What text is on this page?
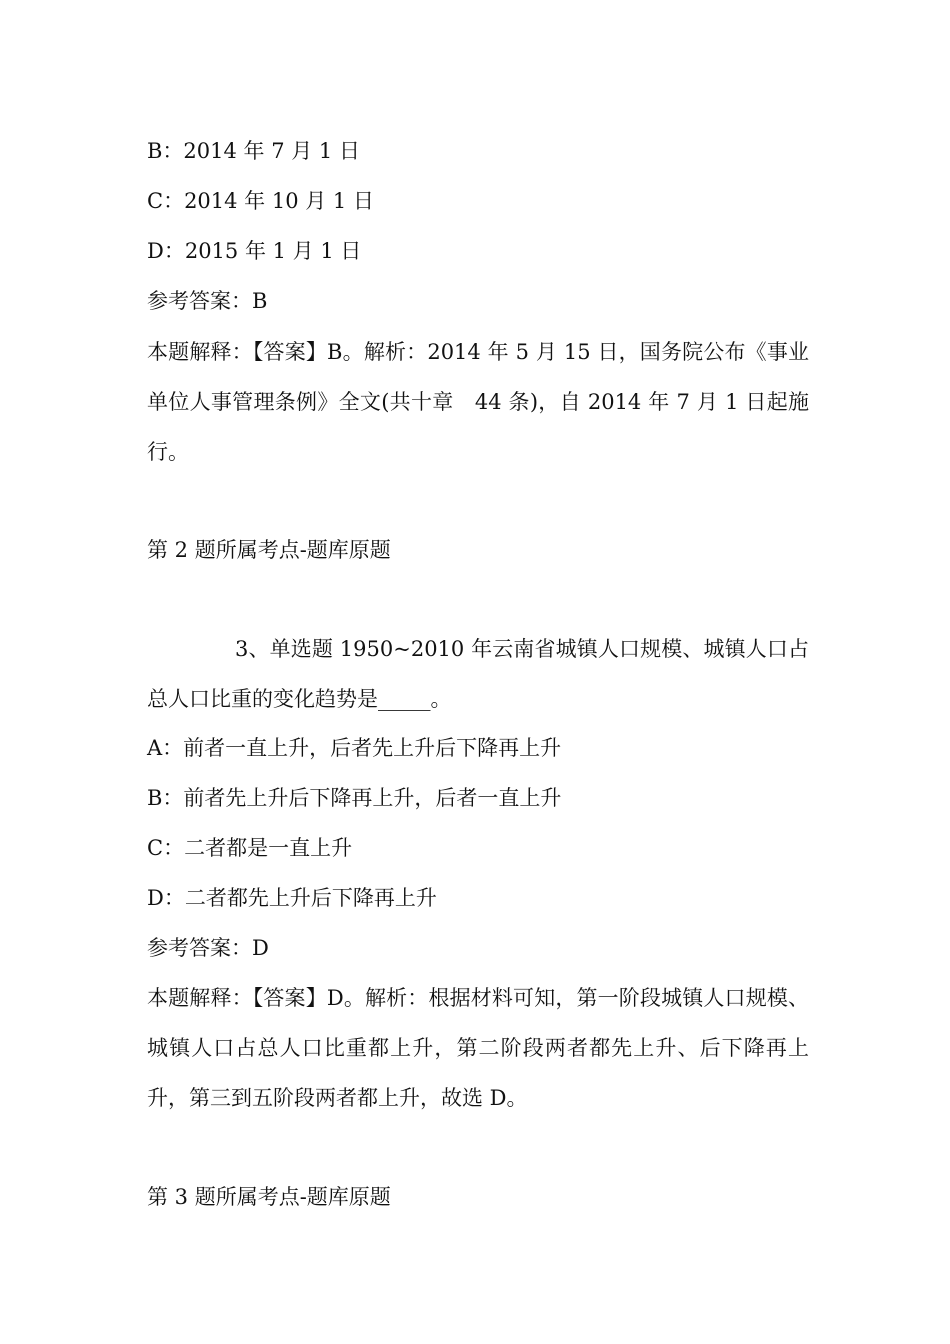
B：2014 年 7 月 1 日
C：2014 年 10 月 1 日
D：2015 年 1 月 1 日
参考答案：B
本题解释：【答案】B。解析：2014 年 5 月 15 日，国务院公布《事业单位人事管理条例》全文(共十章　44 条)，自 2014 年 7 月 1 日起施行。
第 2 题所属考点-题库原题
3、单选题 1950~2010 年云南省城镇人口规模、城镇人口占总人口比重的变化趋势是_____。
A：前者一直上升，后者先上升后下降再上升
B：前者先上升后下降再上升，后者一直上升
C：二者都是一直上升
D：二者都先上升后下降再上升
参考答案：D
本题解释：【答案】D。解析：根据材料可知，第一阶段城镇人口规模、城镇人口占总人口比重都上升，第二阶段两者都先上升、后下降再上升，第三到五阶段两者都上升，故选 D。
第 3 题所属考点-题库原题
